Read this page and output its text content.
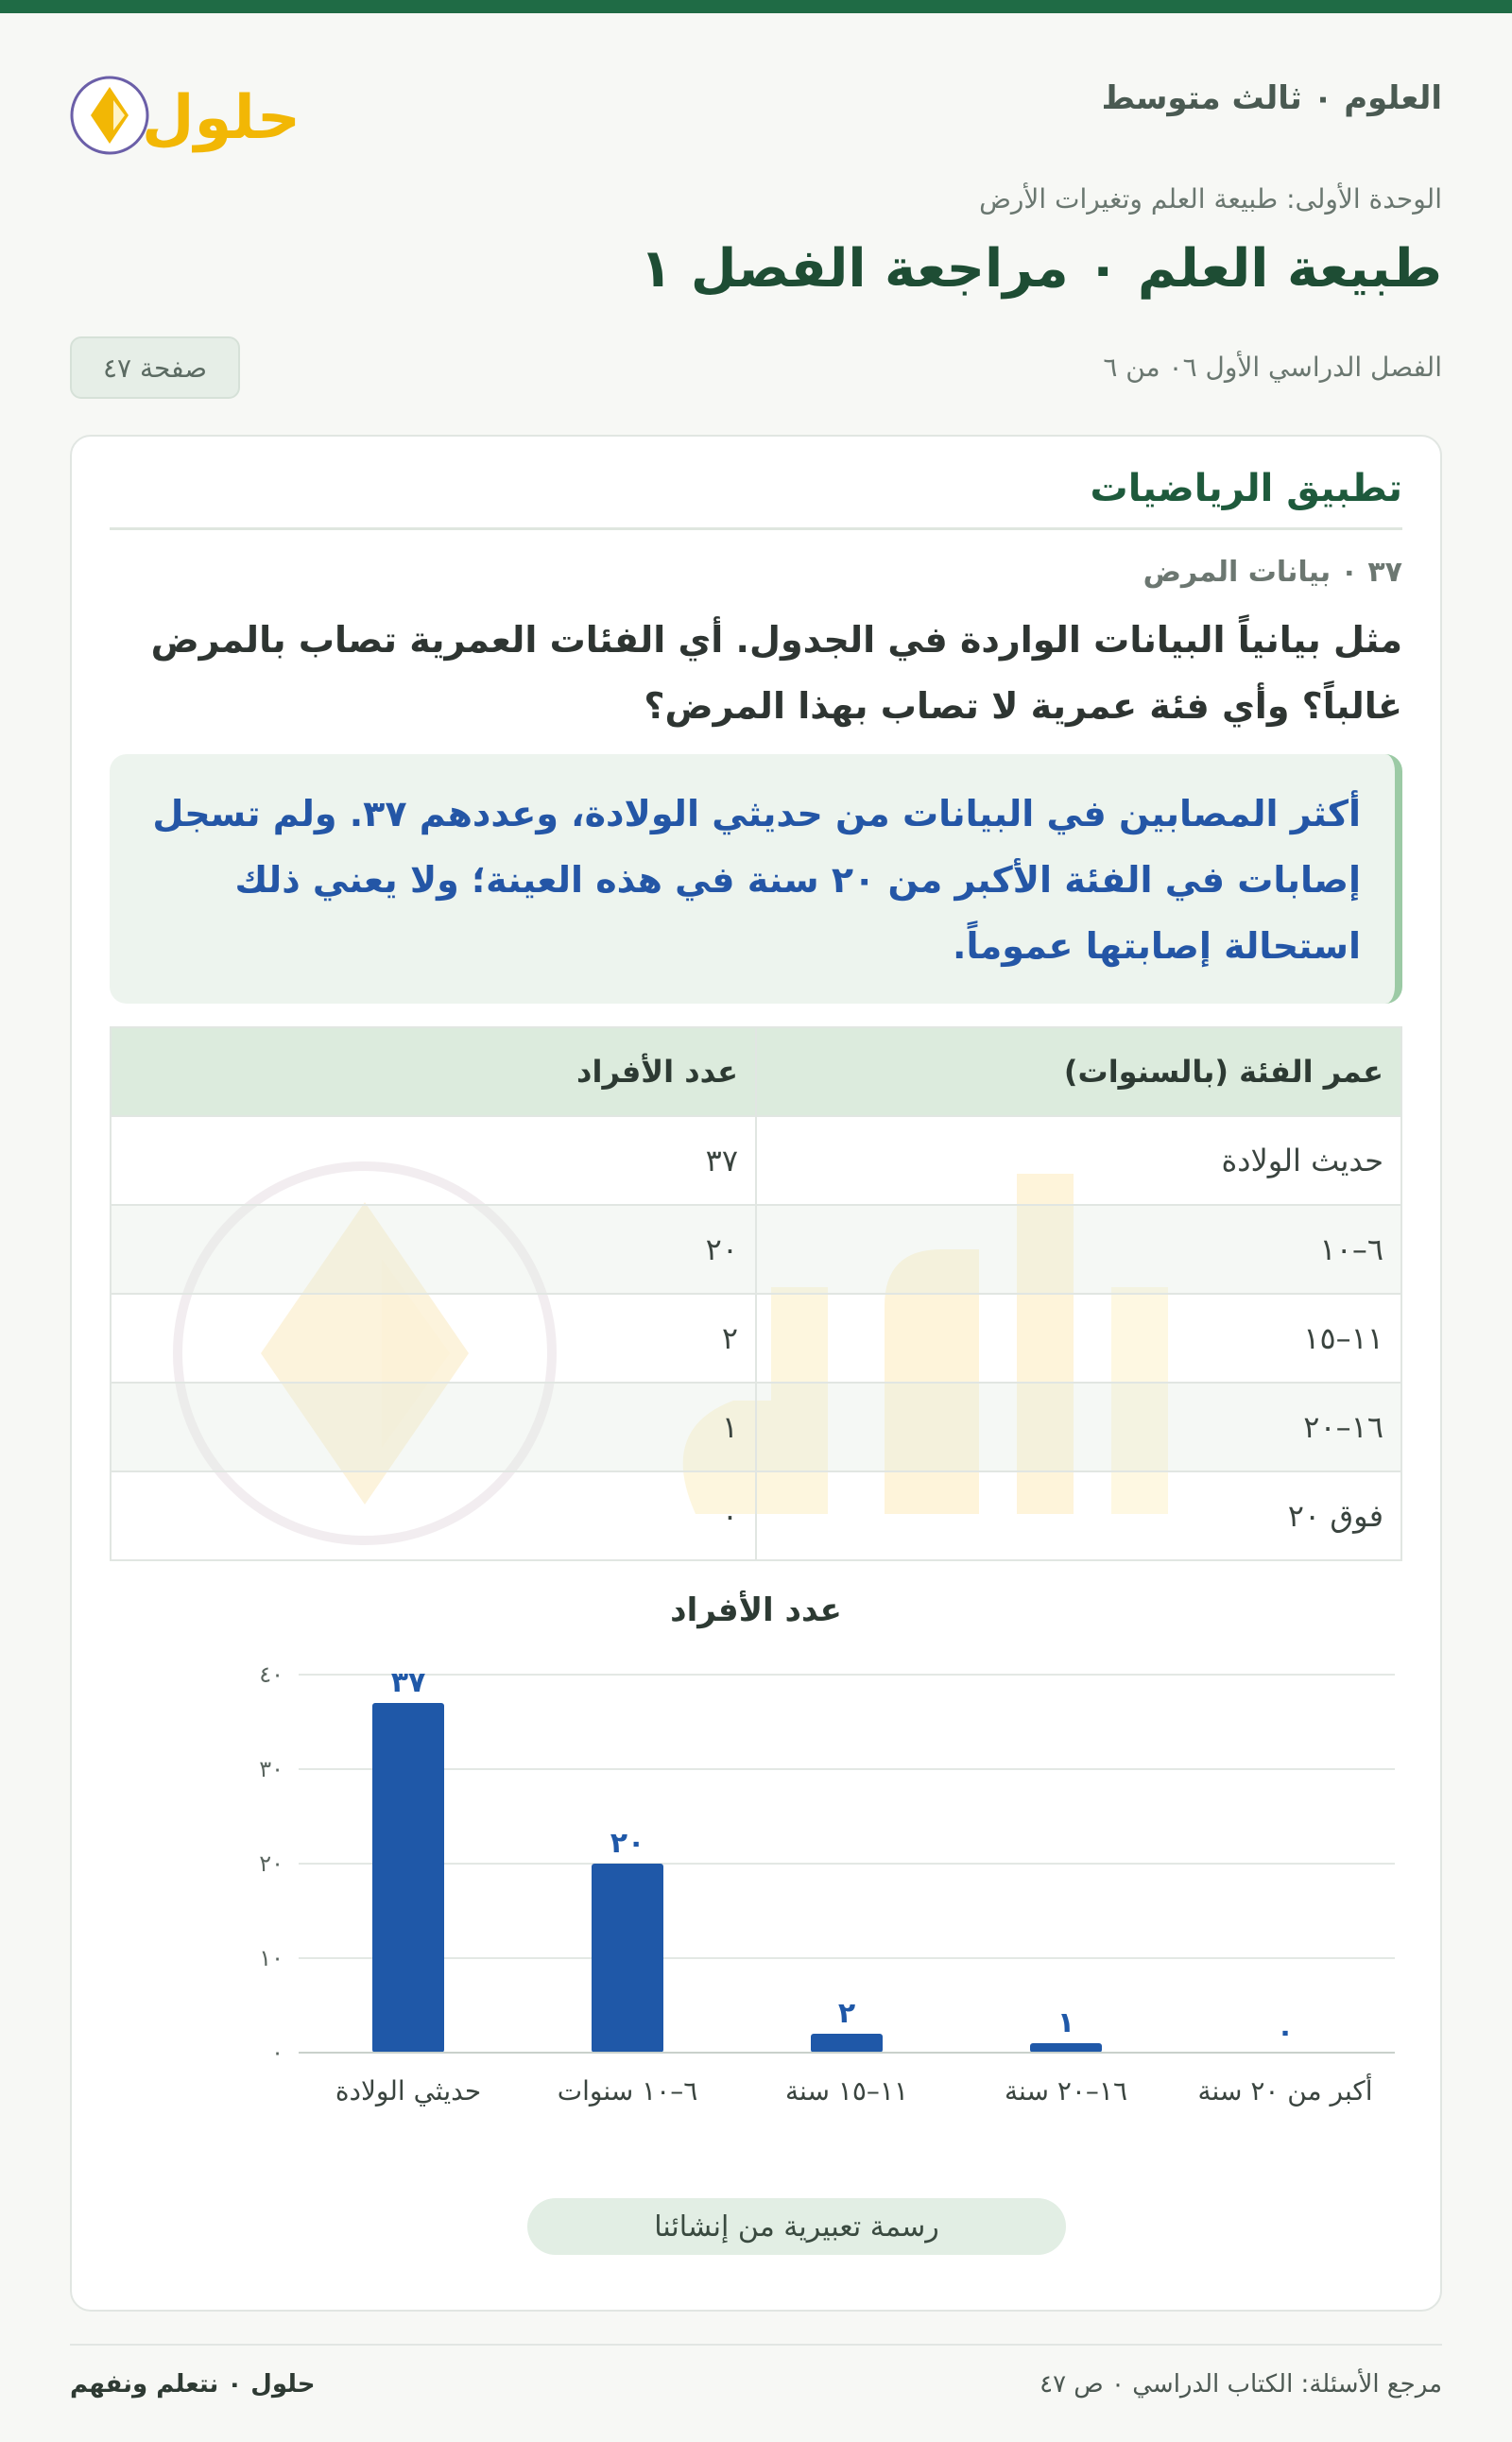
العلوم ٠ ثالث متوسط
حلول
الوحدة الأولى: طبيعة العلم وتغيرات الأرض
طبيعة العلم ٠ مراجعة الفصل ١
الفصل الدراسي الأول ٠٦ من ٦
صفحة ٤٧
تطبيق الرياضيات
٣٧ ٠ بيانات المرض
مثل بيانياً البيانات الواردة في الجدول. أي الفئات العمرية تصاب بالمرض غالباً؟ وأي فئة عمرية لا تصاب بهذا المرض؟
أكثر المصابين في البيانات من حديثي الولادة، وعددهم ٣٧. ولم تسجل إصابات في الفئة الأكبر من ٢٠ سنة في هذه العينة؛ ولا يعني ذلك استحالة إصابتها عموماً.
عمر الفئة (بالسنوات)	عدد الأفراد
حديث الولادة	٣٧
٦–١٠	٢٠
١١–١٥	٢
١٦–٢٠	١
فوق ٢٠	٠
عدد الأفراد
٠
١٠
٢٠
٣٠
٤٠	٣٧
حديثي الولادة
٢٠
٦–١٠ سنوات
٢
١١–١٥ سنة
١
١٦–٢٠ سنة
٠
أكبر من ٢٠ سنة
رسمة تعبيرية من إنشائنا
مرجع الأسئلة: الكتاب الدراسي ٠ ص ٤٧
حلول ٠ نتعلم ونفهم
